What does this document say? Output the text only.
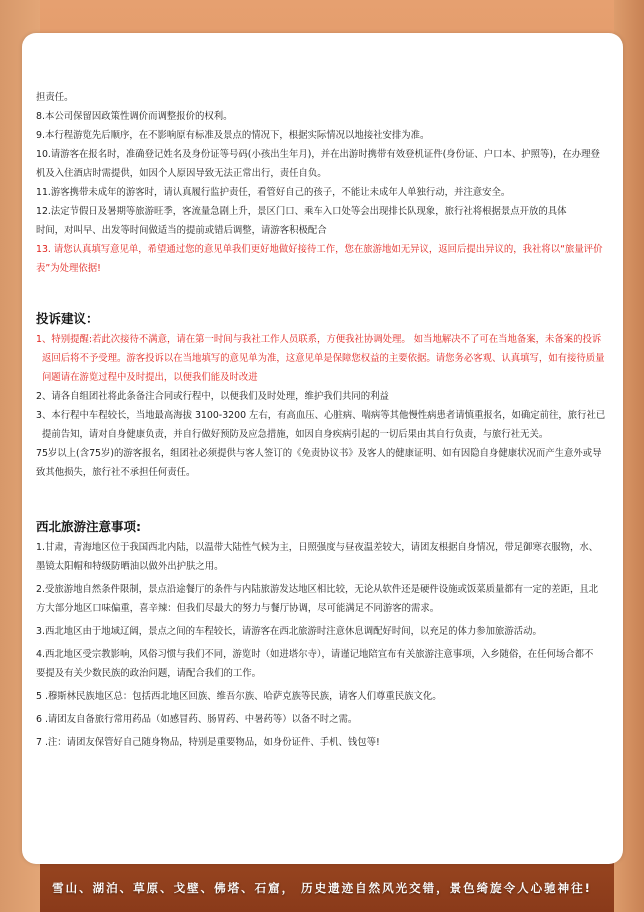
担责任。

8.本公司保留因政策性调价而调整报价的权利。

9.本行程游览先后顺序，在不影响原有标准及景点的情况下，根据实际情况以地接社安排为准。

10.请游客在报名时，准确登记姓名及身份证等号码(小孩出生年月)，并在出游时携带有效登机证件(身份证、户口本、护照等)，在办理登

机及入住酒店时需提供，如因个人原因导致无法正常出行，责任自负。

11.游客携带未成年的游客时，请认真履行监护责任，看管好自己的孩子，不能让未成年人单独行动，并注意安全。

12.法定节假日及暑期等旅游旺季，客流量急剧上升，景区门口、乘车入口处等会出现排长队现象，旅行社将根据景点开放的具体

时间，对叫早、出发等时间做适当的提前或错后调整，请游客积极配合

13. 请您认真填写意见单，希望通过您的意见单我们更好地做好接待工作，您在旅游地如无异议，返回后提出异议的，我社将以“旅量评价

表”为处理依据!

投诉建议：

1、特别提醒:若此次接待不满意，请在第一时间与我社工作人员联系，方便我社协调处理。 如当地解决不了可在当地备案，未备案的投诉

返回后将不予受理。游客投诉以在当地填写的意见单为准，这意见单是保障您权益的主要依据。请您务必客观、认真填写，如有接待质量

问题请在游览过程中及时提出，以便我们能及时改进

2、请各自组团社将此条备注合同或行程中，以便我们及时处理，维护我们共同的利益

3、本行程中车程较长，当地最高海拔 3100-3200 左右，有高血压、心脏病、喘病等其他慢性病患者请慎重报名，如确定前往，旅行社已

提前告知，请对自身健康负责，并自行做好预防及应急措施，如因自身疾病引起的一切后果由其自行负责，与旅行社无关。

75岁以上(含75岁)的游客报名，组团社必须提供与客人签订的《免责协议书》及客人的健康证明、如有因隐自身健康状况而产生意外或导

致其他损失，旅行社不承担任何责任。

西北旅游注意事项:

1.甘肃，青海地区位于我国西北内陆，以温带大陆性气候为主，日照强度与昼夜温差较大，请团友根据自身情况，带足御寒衣服物，水、

墨镜太阳帽和特级防晒油以做外出护肤之用。

2.受旅游地自然条件限制，景点沿途餐厅的条件与内陆旅游发达地区相比较，无论从软件还是硬件设施或饭菜质量都有一定的差距，且北

方大部分地区口味偏重，喜辛辣：但我们尽最大的努力与餐厅协调，尽可能满足不同游客的需求。

3.西北地区由于地域辽阔，景点之间的车程较长，请游客在西北旅游时注意休息调配好时间，以充足的体力参加旅游活动。

4.西北地区受宗教影响，风俗习惯与我们不同，游览时（如进塔尔寺），请谨记地陪宣布有关旅游注意事项，入乡随俗，在任何场合都不

要提及有关少数民族的政治问题，请配合我们的工作。

5 .穆斯林民族地区总：包括西北地区回族、维吾尔族、哈萨克族等民族，请客人们尊重民族文化。

6 .请团友自备旅行常用药品（如感冒药、肠胃药、中暑药等）以备不时之需。

7 .注：请团友保管好自己随身物品，特别是重要物品，如身份证件、手机、钱包等!

雪山、湖泊、草原、戈壁、佛塔、石窟， 历史遗迹自然风光交错，景色绮旋令人心驰神往!
